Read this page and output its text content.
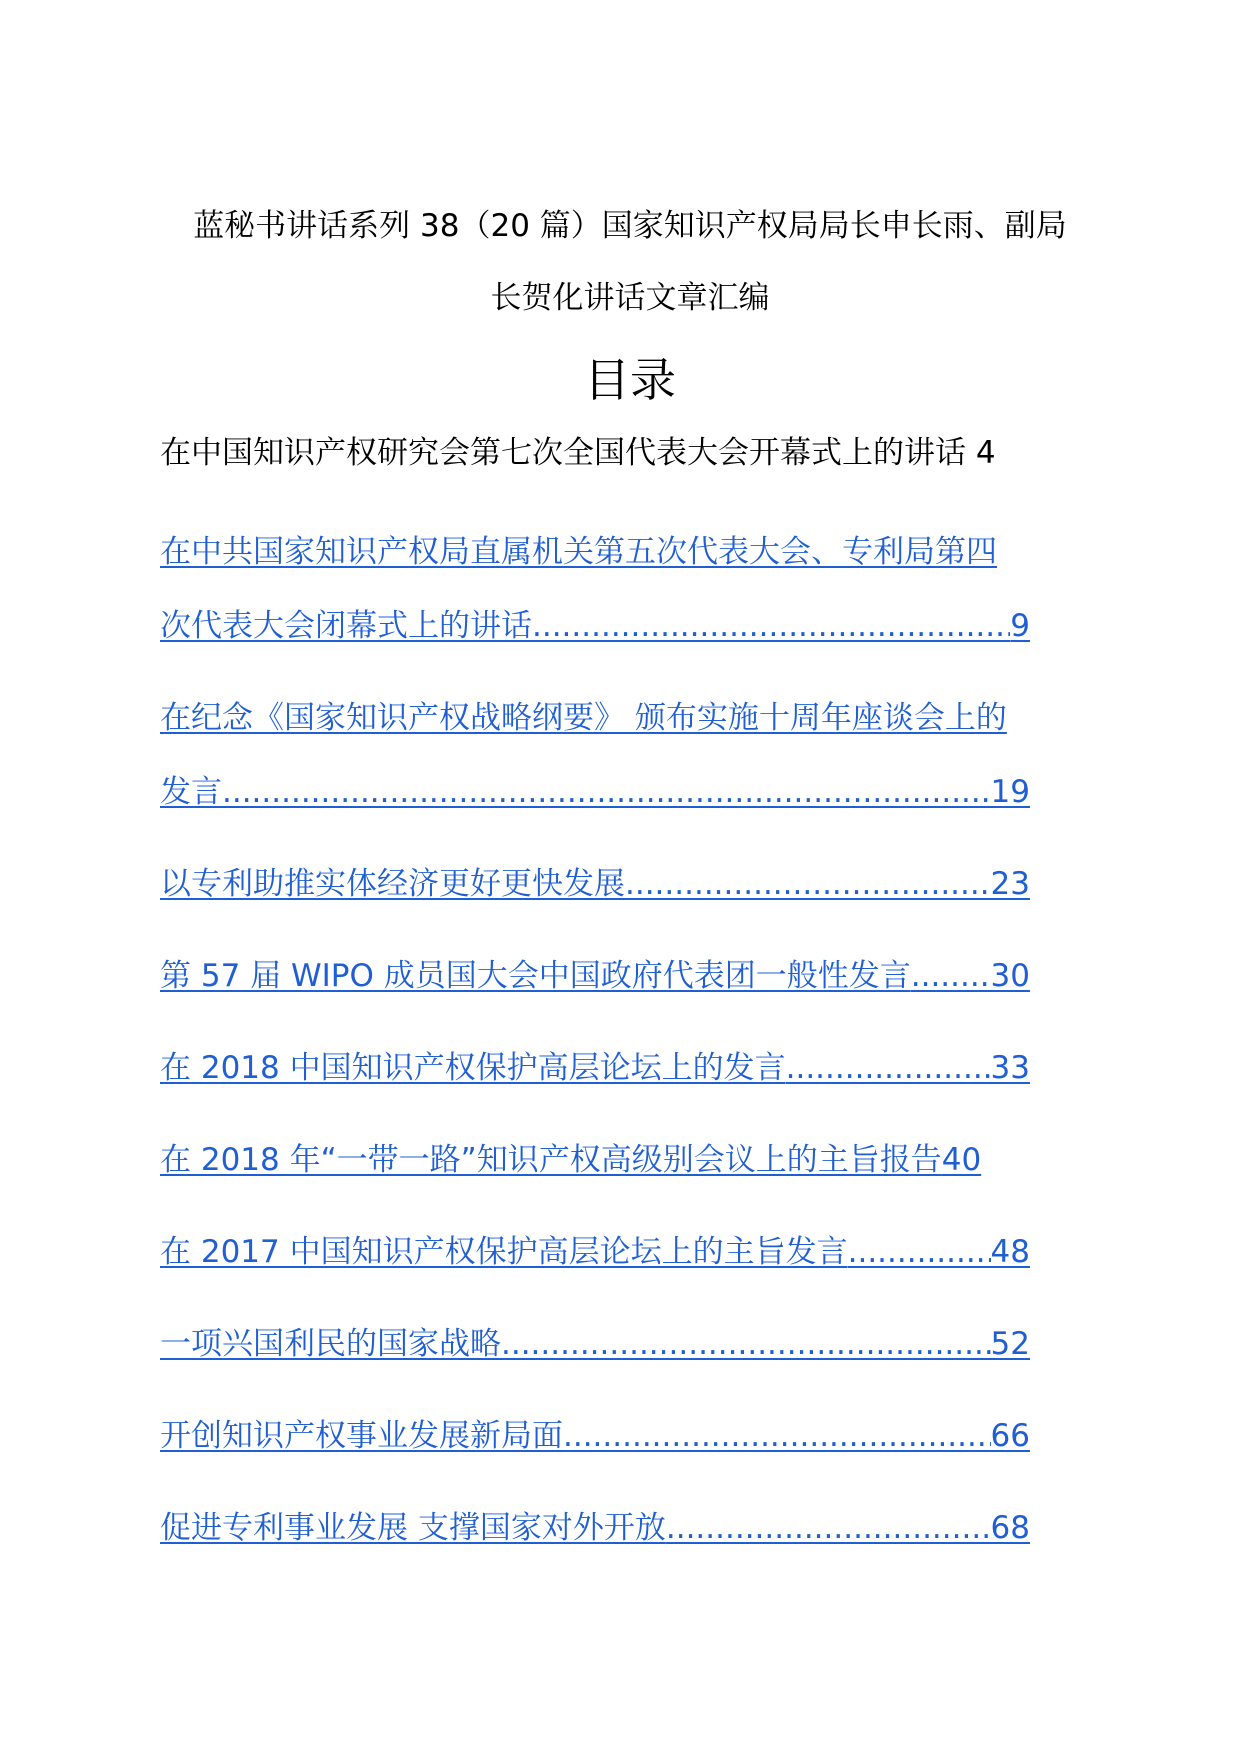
蓝秘书讲话系列 38（20 篇）国家知识产权局局长申长雨、副局
长贺化讲话文章汇编
目录
在中国知识产权研究会第七次全国代表大会开幕式上的讲话 4
在中共国家知识产权局直属机关第五次代表大会、专利局第四
次代表大会闭幕式上的讲话 .....	9
在纪念《国家知识产权战略纲要》 颁布实施十周年座谈会上的
发言 .....	19
以专利助推实体经济更好更快发展 .....	23
第 57 届 WIPO 成员国大会中国政府代表团一般性发言 .....	30
在 2018 中国知识产权保护高层论坛上的发言 .....	33
在 2018 年“一带一路”知识产权高级别会议上的主旨报告 40
在 2017 中国知识产权保护高层论坛上的主旨发言 .....	48
一项兴国利民的国家战略 .....	52
开创知识产权事业发展新局面 .....	66
促进专利事业发展 支撑国家对外开放 .....	68
